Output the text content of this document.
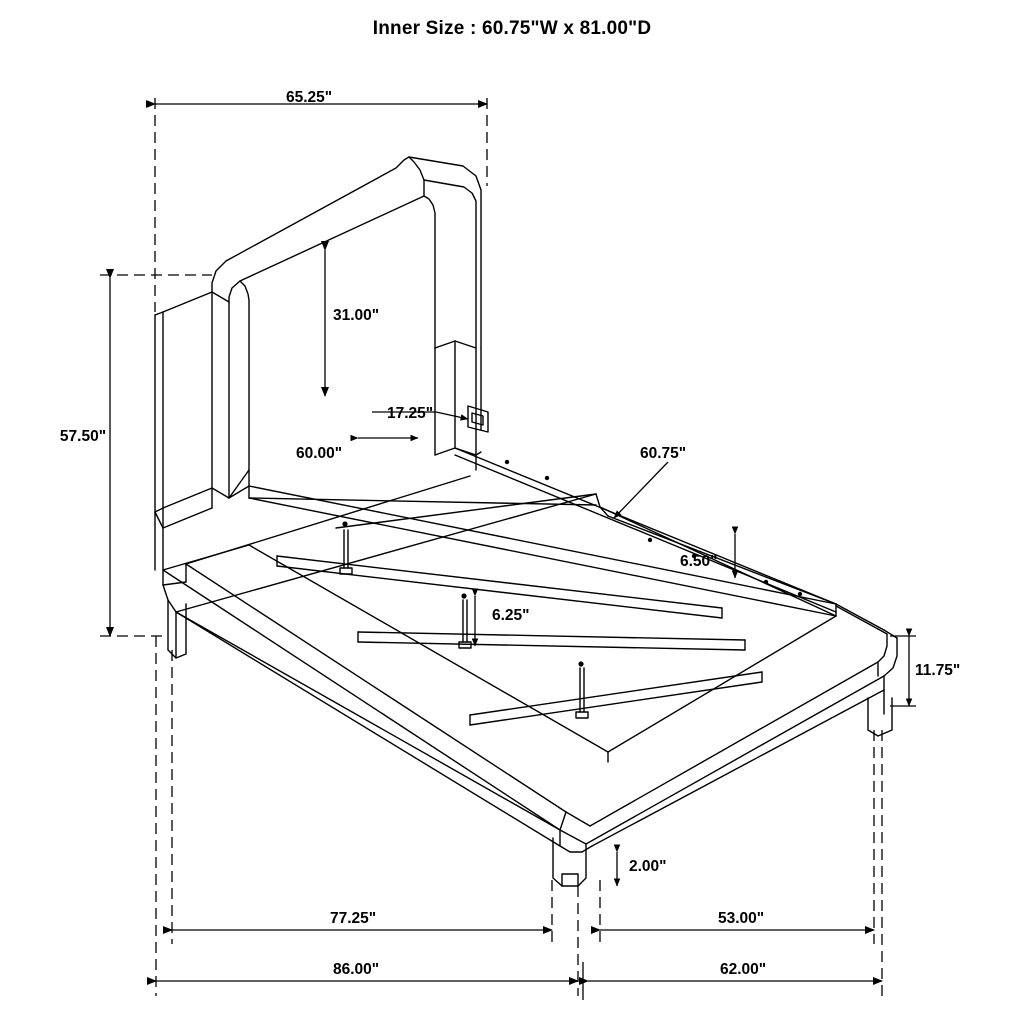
Inner Size : 60.75"W x 81.00"D
65.25"
31.00"
17.25"
60.00"
57.50"
60.75"
6.50"
6.25"
11.75"
2.00"
77.25"	53.00"
86.00"	62.00"
